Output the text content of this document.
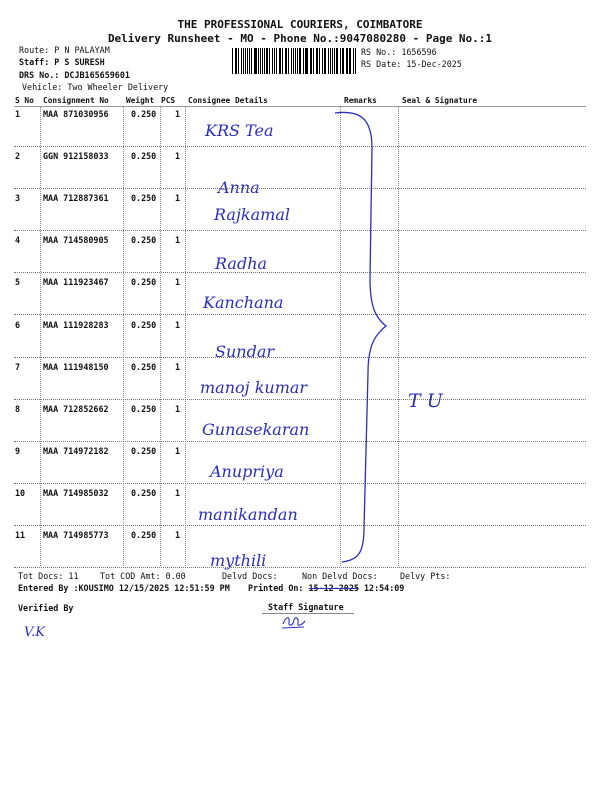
THE PROFESSIONAL COURIERS, COIMBATORE
Delivery Runsheet - MO - Phone No.:9047080280 - Page No.:1
Route: P N PALAYAM
Staff: P S SURESH
DRS No.: DCJB165659601
Vehicle: Two Wheeler Delivery
RS No.: 1656596
RS Date: 15-Dec-2025
S No Consignment No Weight PCS Consignee Details	Remarks	Seal & Signature
1	MAA 871030956	0.250 1
KRS Tea
2	GGN 912158033	0.250 1
Anna
3	MAA 712887361	0.250 1
Rajkamal
4	MAA 714580905	0.250 1
Radha
5	MAA 111923467	0.250 1
Kanchana
6	MAA 111928283	0.250 1
Sundar
7	MAA 111948150	0.250 1
manoj kumar
8	MAA 712852662	0.250 1
Gunasekaran
9	MAA 714972182	0.250 1
Anupriya
10 MAA 714985032	0.250 1
manikandan
11 MAA 714985773	0.250 1
mythili
T U
Tot Docs: 11	Tot COD Amt: 0.00	Delvd Docs:	Non Delvd Docs:	Delvy Pts:
Entered By :KOUSIMO 12/15/2025 12:51:59 PM Printed On: 15-12-2025 12:54:09
Verified By	Staff Signature
V.K
